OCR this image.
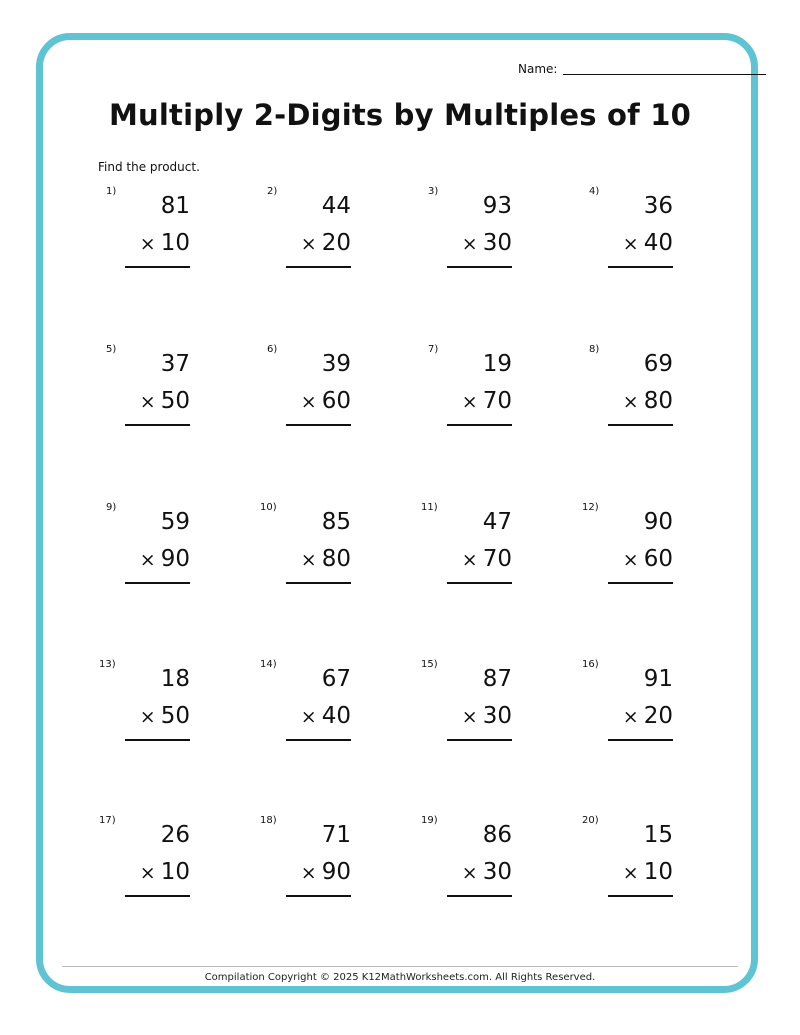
Name:
Multiply 2-Digits by Multiples of 10
Find the product.
1)
81
× 10
2)
44
× 20
3)
93
× 30
4)
36
× 40
5)
37
× 50
6)
39
× 60
7)
19
× 70
8)
69
× 80
9)
59
× 90
10)
85
× 80
11)
47
× 70
12)
90
× 60
13)
18
× 50
14)
67
× 40
15)
87
× 30
16)
91
× 20
17)
26
× 10
18)
71
× 90
19)
86
× 30
20)
15
× 10
Compilation Copyright © 2025 K12MathWorksheets.com. All Rights Reserved.
